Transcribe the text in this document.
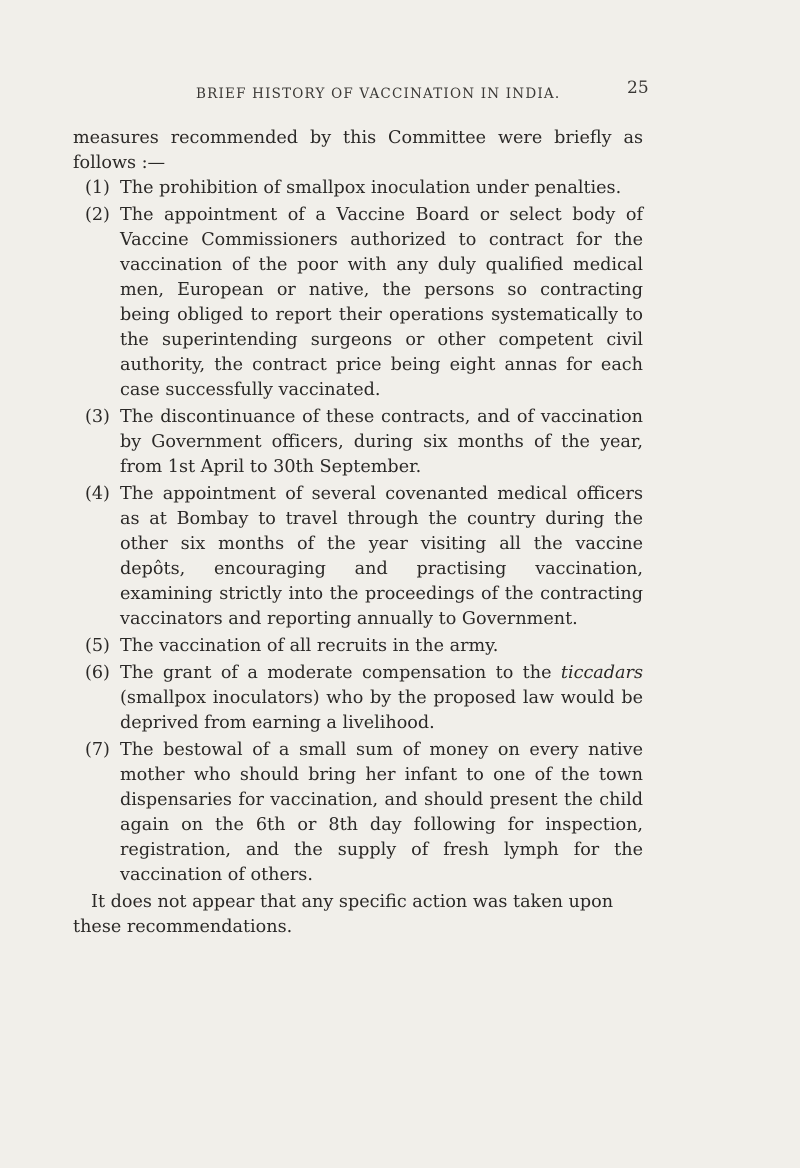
BRIEF HISTORY OF VACCINATION IN INDIA.	25

measures recommended by this Committee were briefly as follows :—

(1) The prohibition of smallpox inoculation under penalties.
(2) The appointment of a Vaccine Board or select body of Vaccine Commissioners authorized to contract for the vaccination of the poor with any duly qualified medical men, European or native, the persons so contracting being obliged to report their operations systematically to the superintending surgeons or other competent civil authority, the contract price being eight annas for each case successfully vaccinated.
(3) The discontinuance of these contracts, and of vaccination by Government officers, during six months of the year, from 1st April to 30th September.
(4) The appointment of several covenanted medical officers as at Bombay to travel through the country during the other six months of the year visiting all the vaccine depôts, encouraging and practising vaccination, examining strictly into the proceedings of the contracting vaccinators and reporting annually to Government.
(5) The vaccination of all recruits in the army.
(6) The grant of a moderate compensation to the ticcadars (smallpox inoculators) who by the proposed law would be deprived from earning a livelihood.
(7) The bestowal of a small sum of money on every native mother who should bring her infant to one of the town dispensaries for vaccination, and should present the child again on the 6th or 8th day following for inspection, registration, and the supply of fresh lymph for the vaccination of others.

It does not appear that any specific action was taken upon these recommendations.
